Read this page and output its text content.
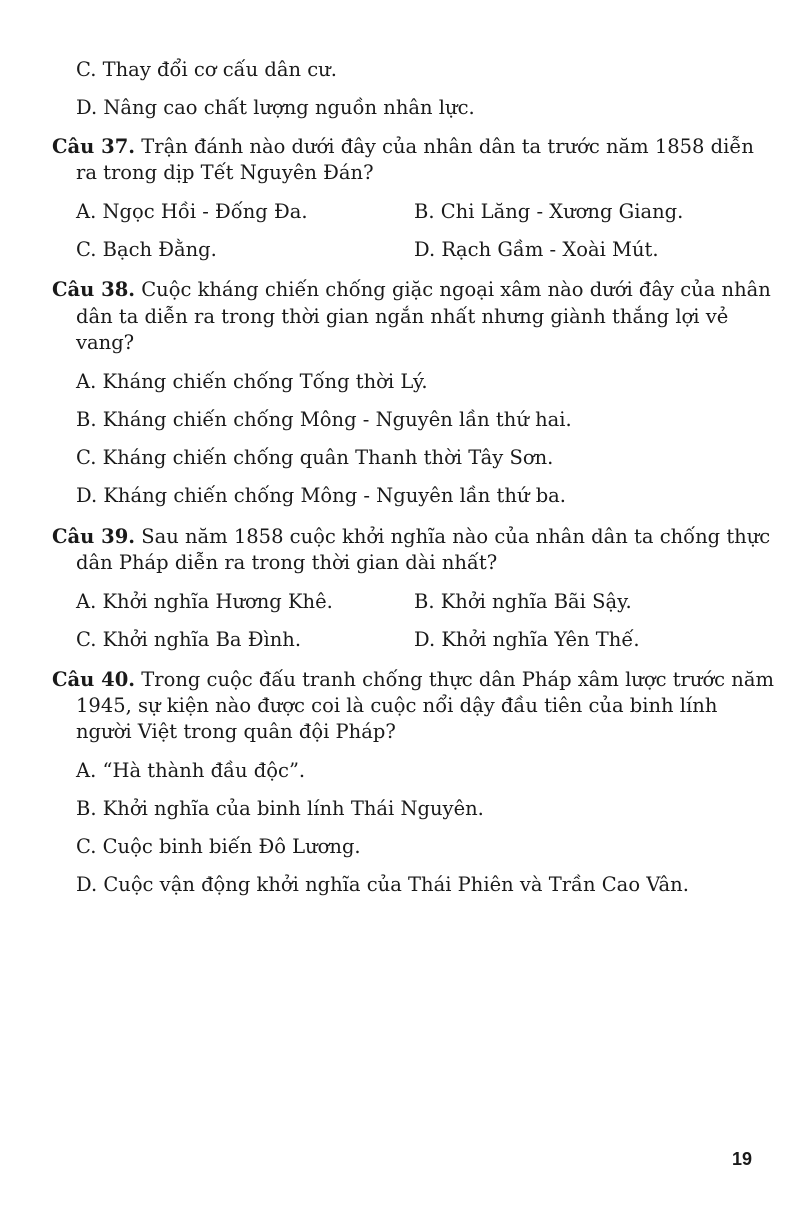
C. Thay đổi cơ cấu dân cư.
D. Nâng cao chất lượng nguồn nhân lực.
Câu 37. Trận đánh nào dưới đây của nhân dân ta trước năm 1858 diễn
ra trong dịp Tết Nguyên Đán?
A. Ngọc Hồi - Đống Đa.	B. Chi Lăng - Xương Giang.
C. Bạch Đằng.	D. Rạch Gầm - Xoài Mút.
Câu 38. Cuộc kháng chiến chống giặc ngoại xâm nào dưới đây của nhân
dân ta diễn ra trong thời gian ngắn nhất nhưng giành thắng lợi vẻ
vang?
A. Kháng chiến chống Tống thời Lý.
B. Kháng chiến chống Mông - Nguyên lần thứ hai.
C. Kháng chiến chống quân Thanh thời Tây Sơn.
D. Kháng chiến chống Mông - Nguyên lần thứ ba.
Câu 39. Sau năm 1858 cuộc khởi nghĩa nào của nhân dân ta chống thực
dân Pháp diễn ra trong thời gian dài nhất?
A. Khởi nghĩa Hương Khê.	B. Khởi nghĩa Bãi Sậy.
C. Khởi nghĩa Ba Đình.	D. Khởi nghĩa Yên Thế.
Câu 40. Trong cuộc đấu tranh chống thực dân Pháp xâm lược trước năm
1945, sự kiện nào được coi là cuộc nổi dậy đầu tiên của binh lính
người Việt trong quân đội Pháp?
A. “Hà thành đầu độc”.
B. Khởi nghĩa của binh lính Thái Nguyên.
C. Cuộc binh biến Đô Lương.
D. Cuộc vận động khởi nghĩa của Thái Phiên và Trần Cao Vân.
19
